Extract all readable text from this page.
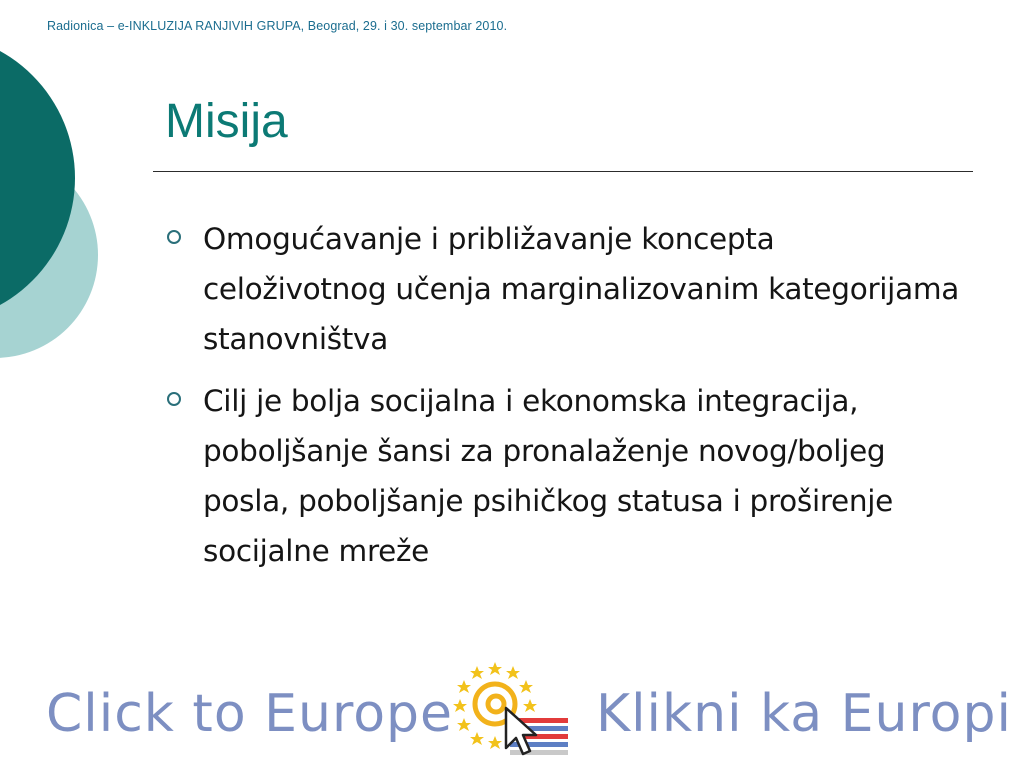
Radionica – e-INKLUZIJA RANJIVIH GRUPA, Beograd, 29. i 30. septembar 2010.
Misija
Omogućavanje i približavanje koncepta celoživotnog učenja marginalizovanim kategorijama stanovništva
Cilj je bolja socijalna i ekonomska integracija, poboljšanje šansi za pronalaženje novog/boljeg posla, poboljšanje psihičkog statusa i proširenje socijalne mreže
Click to Europe	Klikni ka Europi
